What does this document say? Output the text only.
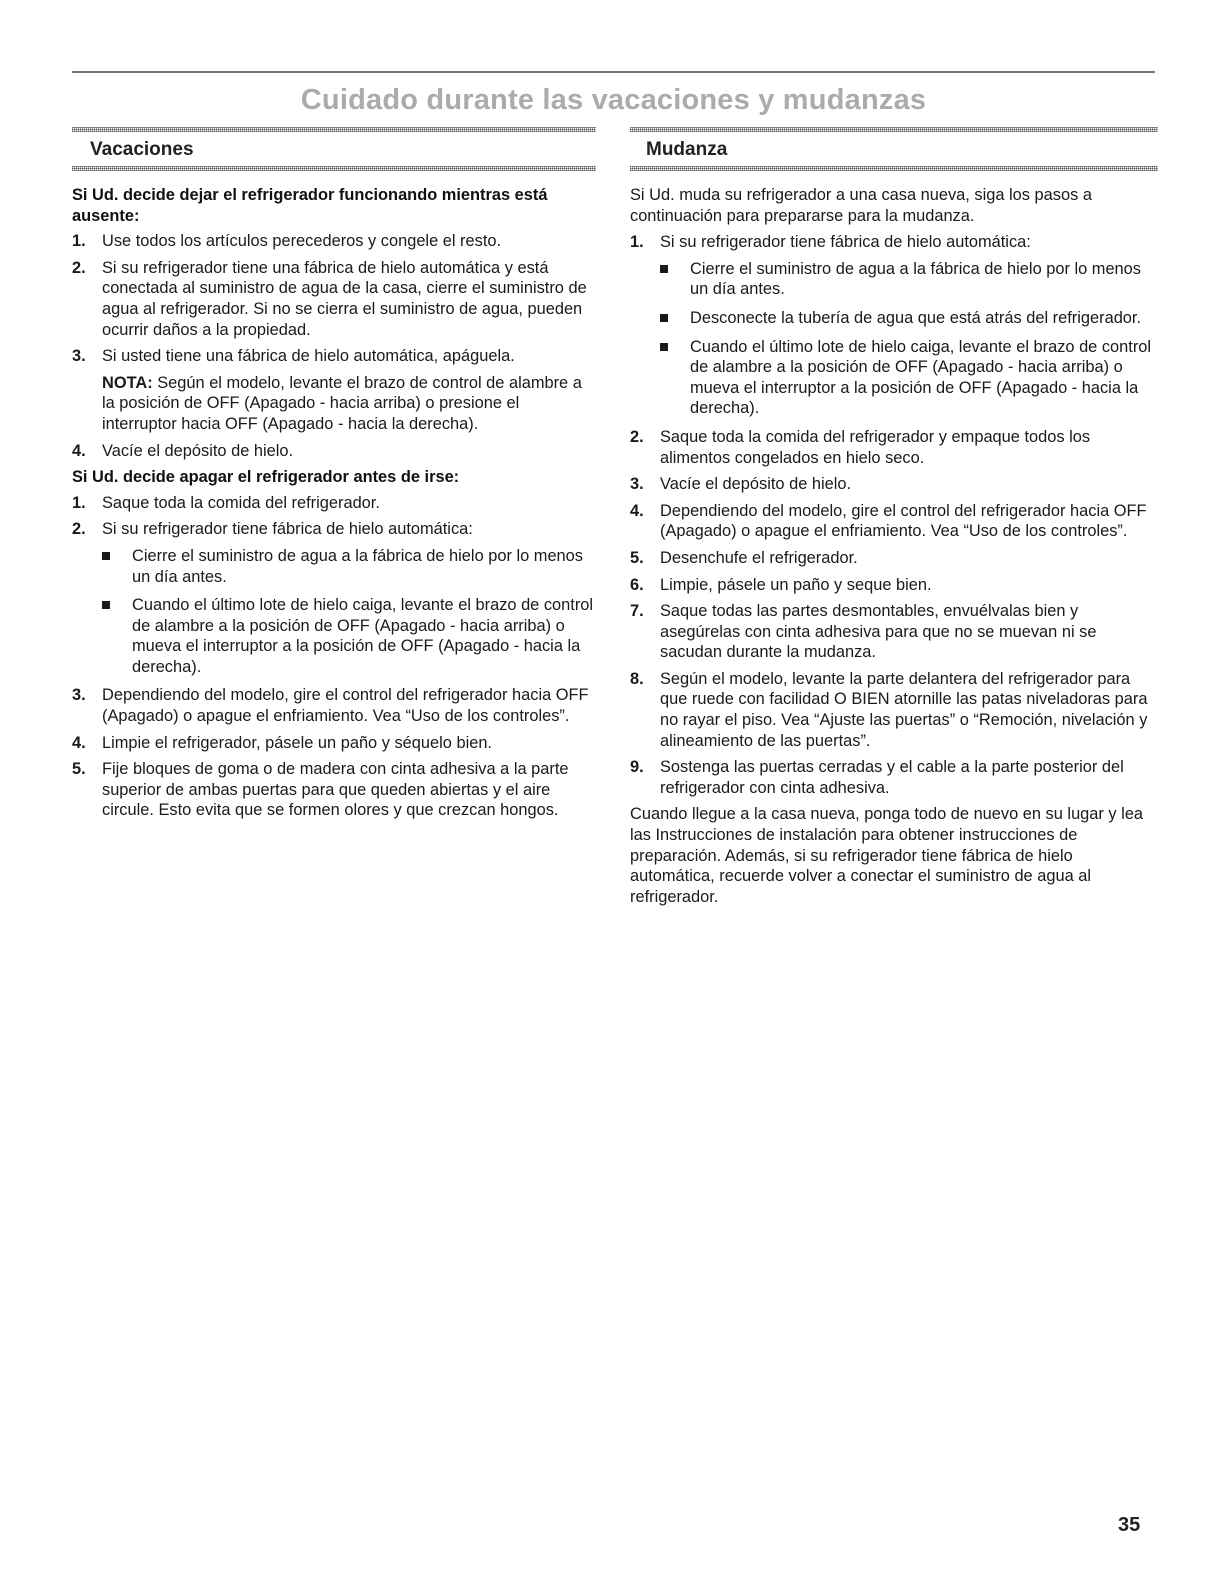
Cuidado durante las vacaciones y mudanzas
Vacaciones

Si Ud. decide dejar el refrigerador funcionando mientras está ausente:

1. Use todos los artículos perecederos y congele el resto.
2. Si su refrigerador tiene una fábrica de hielo automática y está conectada al suministro de agua de la casa, cierre el suministro de agua al refrigerador. Si no se cierra el suministro de agua, pueden ocurrir daños a la propiedad.
3. Si usted tiene una fábrica de hielo automática, apáguela.
NOTA: Según el modelo, levante el brazo de control de alambre a la posición de OFF (Apagado - hacia arriba) o presione el interruptor hacia OFF (Apagado - hacia la derecha).
4. Vacíe el depósito de hielo.

Si Ud. decide apagar el refrigerador antes de irse:

1. Saque toda la comida del refrigerador.
2. Si su refrigerador tiene fábrica de hielo automática:
Cierre el suministro de agua a la fábrica de hielo por lo menos un día antes.
Cuando el último lote de hielo caiga, levante el brazo de control de alambre a la posición de OFF (Apagado - hacia arriba) o mueva el interruptor a la posición de OFF (Apagado - hacia la derecha).
3. Dependiendo del modelo, gire el control del refrigerador hacia OFF (Apagado) o apague el enfriamiento. Vea “Uso de los controles”.
4. Limpie el refrigerador, pásele un paño y séquelo bien.
5. Fije bloques de goma o de madera con cinta adhesiva a la parte superior de ambas puertas para que queden abiertas y el aire circule. Esto evita que se formen olores y que crezcan hongos.
Mudanza

Si Ud. muda su refrigerador a una casa nueva, siga los pasos a continuación para prepararse para la mudanza.

1. Si su refrigerador tiene fábrica de hielo automática:
Cierre el suministro de agua a la fábrica de hielo por lo menos un día antes.
Desconecte la tubería de agua que está atrás del refrigerador.
Cuando el último lote de hielo caiga, levante el brazo de control de alambre a la posición de OFF (Apagado - hacia arriba) o mueva el interruptor a la posición de OFF (Apagado - hacia la derecha).
2. Saque toda la comida del refrigerador y empaque todos los alimentos congelados en hielo seco.
3. Vacíe el depósito de hielo.
4. Dependiendo del modelo, gire el control del refrigerador hacia OFF (Apagado) o apague el enfriamiento. Vea “Uso de los controles”.
5. Desenchufe el refrigerador.
6. Limpie, pásele un paño y seque bien.
7. Saque todas las partes desmontables, envuélvalas bien y asegúrelas con cinta adhesiva para que no se muevan ni se sacudan durante la mudanza.
8. Según el modelo, levante la parte delantera del refrigerador para que ruede con facilidad O BIEN atornille las patas niveladoras para no rayar el piso. Vea “Ajuste las puertas” o “Remoción, nivelación y alineamiento de las puertas”.
9. Sostenga las puertas cerradas y el cable a la parte posterior del refrigerador con cinta adhesiva.

Cuando llegue a la casa nueva, ponga todo de nuevo en su lugar y lea las Instrucciones de instalación para obtener instrucciones de preparación. Además, si su refrigerador tiene fábrica de hielo automática, recuerde volver a conectar el suministro de agua al refrigerador.

35
